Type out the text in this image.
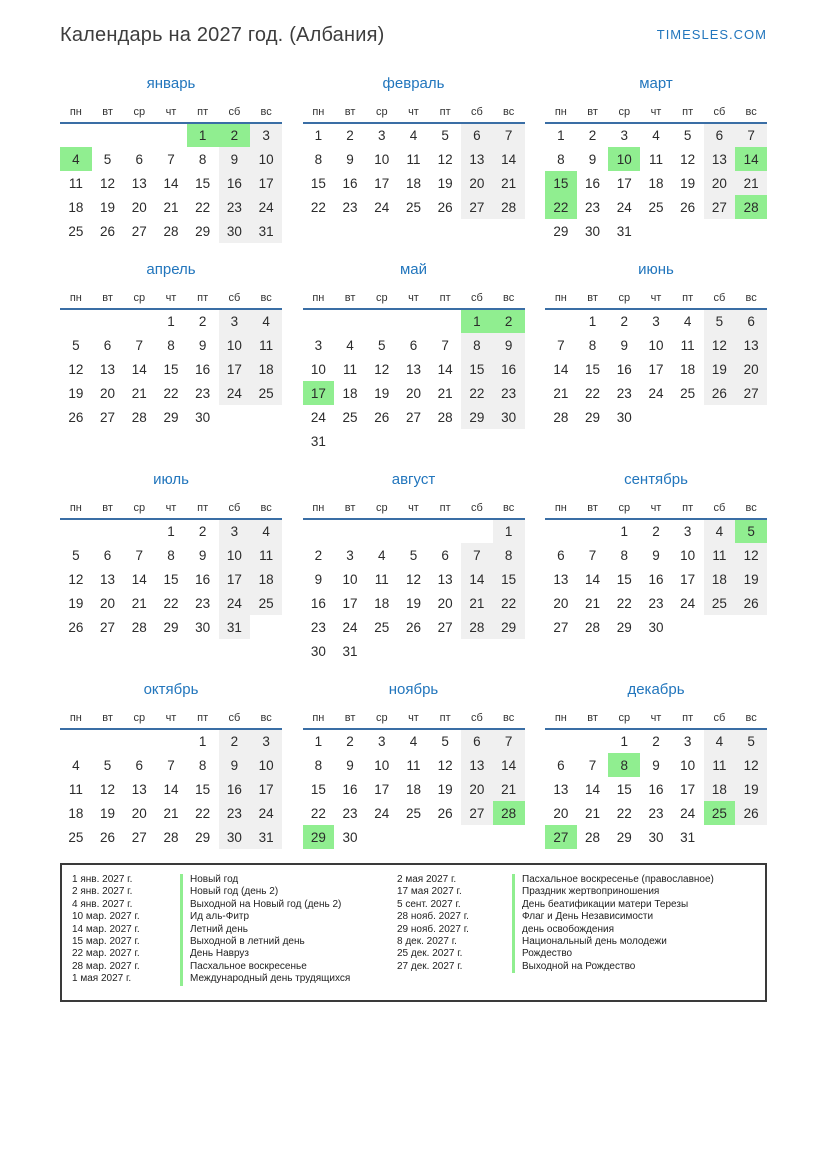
Календарь на 2027 год. (Албания)	TIMESLES.COM
январь
пн	вт	ср	чт	пт	сб	вс
				1	2	3
4	5	6	7	8	9	10
11	12	13	14	15	16	17
18	19	20	21	22	23	24
25	26	27	28	29	30	31
февраль
пн	вт	ср	чт	пт	сб	вс
1	2	3	4	5	6	7
8	9	10	11	12	13	14
15	16	17	18	19	20	21
22	23	24	25	26	27	28
март
пн	вт	ср	чт	пт	сб	вс
1	2	3	4	5	6	7
8	9	10	11	12	13	14
15	16	17	18	19	20	21
22	23	24	25	26	27	28
29	30	31				
апрель
пн	вт	ср	чт	пт	сб	вс
			1	2	3	4
5	6	7	8	9	10	11
12	13	14	15	16	17	18
19	20	21	22	23	24	25
26	27	28	29	30		
май
пн	вт	ср	чт	пт	сб	вс
					1	2
3	4	5	6	7	8	9
10	11	12	13	14	15	16
17	18	19	20	21	22	23
24	25	26	27	28	29	30
31						
июнь
пн	вт	ср	чт	пт	сб	вс
	1	2	3	4	5	6
7	8	9	10	11	12	13
14	15	16	17	18	19	20
21	22	23	24	25	26	27
28	29	30				
июль
пн	вт	ср	чт	пт	сб	вс
			1	2	3	4
5	6	7	8	9	10	11
12	13	14	15	16	17	18
19	20	21	22	23	24	25
26	27	28	29	30	31	
август
пн	вт	ср	чт	пт	сб	вс
						1
2	3	4	5	6	7	8
9	10	11	12	13	14	15
16	17	18	19	20	21	22
23	24	25	26	27	28	29
30	31					
сентябрь
пн	вт	ср	чт	пт	сб	вс
		1	2	3	4	5
6	7	8	9	10	11	12
13	14	15	16	17	18	19
20	21	22	23	24	25	26
27	28	29	30			
октябрь
пн	вт	ср	чт	пт	сб	вс
				1	2	3
4	5	6	7	8	9	10
11	12	13	14	15	16	17
18	19	20	21	22	23	24
25	26	27	28	29	30	31
ноябрь
пн	вт	ср	чт	пт	сб	вс
1	2	3	4	5	6	7
8	9	10	11	12	13	14
15	16	17	18	19	20	21
22	23	24	25	26	27	28
29	30					
декабрь
пн	вт	ср	чт	пт	сб	вс
		1	2	3	4	5
6	7	8	9	10	11	12
13	14	15	16	17	18	19
20	21	22	23	24	25	26
27	28	29	30	31		
1 янв. 2027 г.	Новый год
2 янв. 2027 г.	Новый год (день 2)
4 янв. 2027 г.	Выходной на Новый год (день 2)
10 мар. 2027 г.	Ид аль-Фитр
14 мар. 2027 г.	Летний день
15 мар. 2027 г.	Выходной в летний день
22 мар. 2027 г.	День Навруз
28 мар. 2027 г.	Пасхальное воскресенье
1 мая 2027 г.	Международный день трудящихся
2 мая 2027 г.	Пасхальное воскресенье (православное)
17 мая 2027 г.	Праздник жертвоприношения
5 сент. 2027 г.	День беатификации матери Терезы
28 нояб. 2027 г.	Флаг и День Независимости
29 нояб. 2027 г.	день освобождения
8 дек. 2027 г.	Национальный день молодежи
25 дек. 2027 г.	Рождество
27 дек. 2027 г.	Выходной на Рождество
